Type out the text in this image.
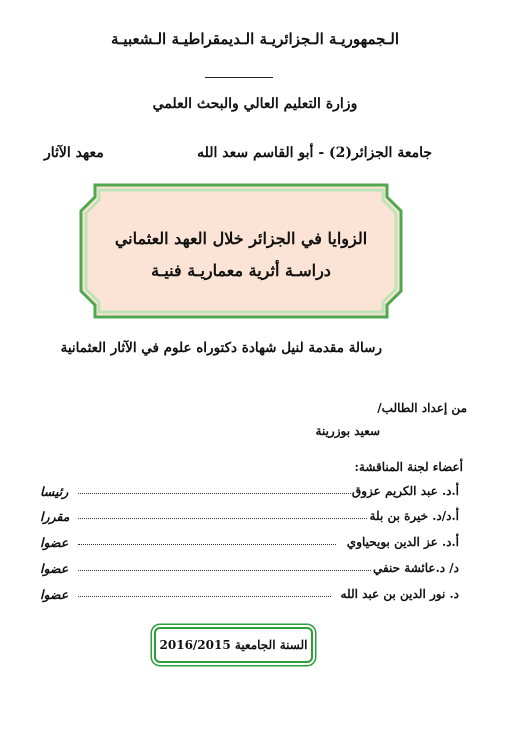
الـجمهوريـة الـجزائريـة الـديمقراطيـة الـشعبيـة
وزارة التعليم العالي والبحث العلمي
جامعة الجزائر(2) - أبو القاسم سعد الله
معهد الآثار
الزوايا في الجزائر خلال العهد العثماني
دراسـة أثرية معماريـة فنيـة
رسالة مقدمة لنيل شهادة دكتوراه علوم في الآثار العثمانية
من إعداد الطالب/
سعيد بوزرينة
أعضاء لجنة المناقشة:
أ.د. عبد الكريم عزوق
رئيسا
أ.د/د. خيرة بن بلة
مقررا
أ.د. عز الدين بويحياوي
عضوا
د/ د.عائشة حنفي
عضوا
د. نور الدين بن عبد الله
عضوا
السنة الجامعية 2016/2015
